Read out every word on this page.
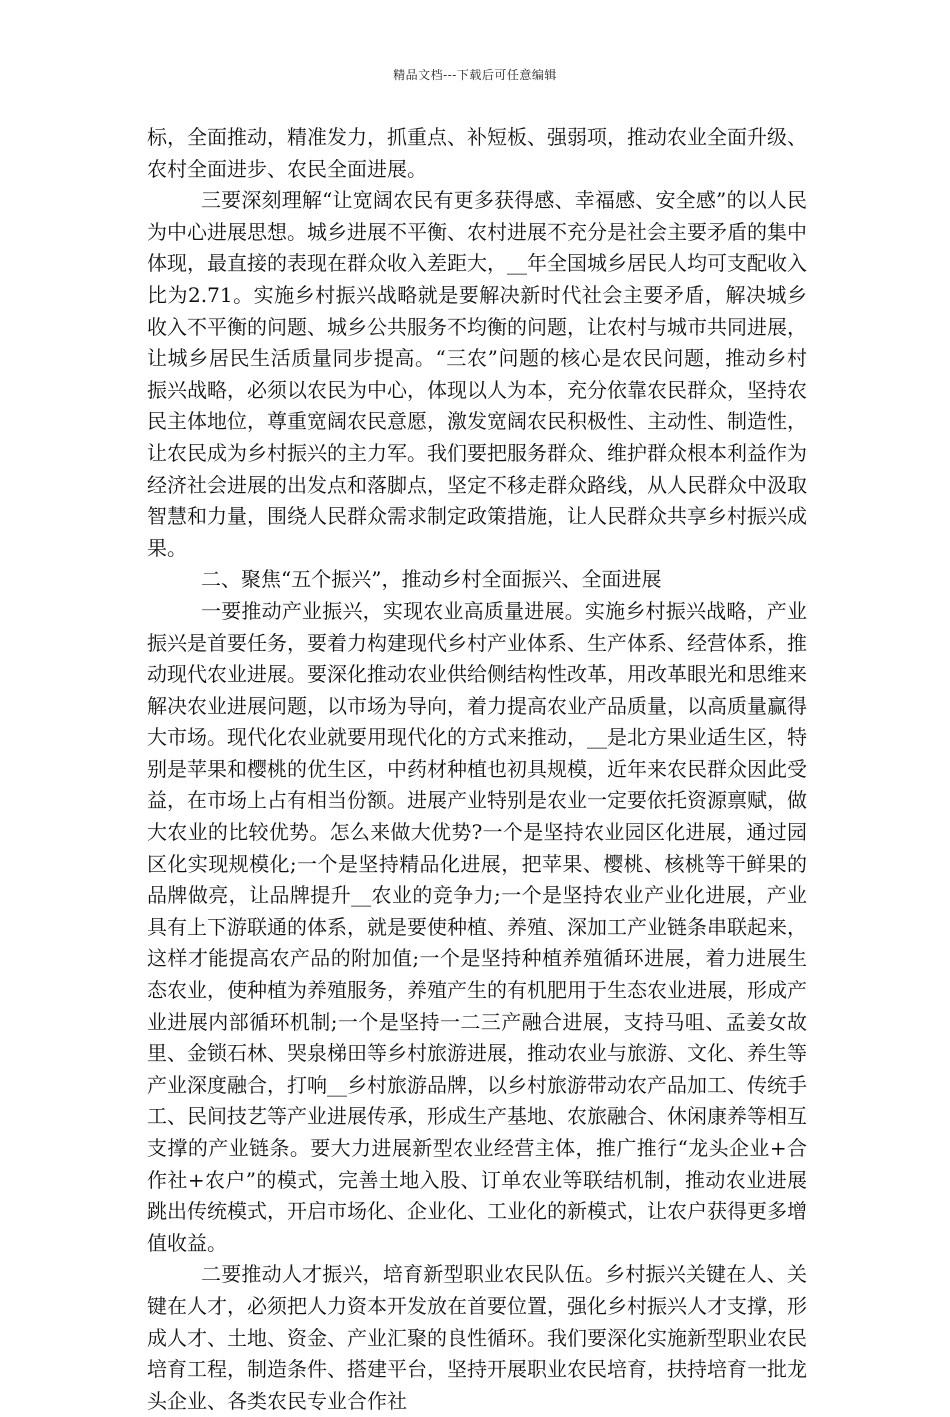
精品文档---下载后可任意编辑

标，全面推动，精准发力，抓重点、补短板、强弱项，推动农业全面升级、农村全面进步、农民全面进展。

三要深刻理解“让宽阔农民有更多获得感、幸福感、安全感”的以人民为中心进展思想。城乡进展不平衡、农村进展不充分是社会主要矛盾的集中体现，最直接的表现在群众收入差距大，__年全国城乡居民人均可支配收入比为2.71。实施乡村振兴战略就是要解决新时代社会主要矛盾，解决城乡收入不平衡的问题、城乡公共服务不均衡的问题，让农村与城市共同进展，让城乡居民生活质量同步提高。“三农”问题的核心是农民问题，推动乡村振兴战略，必须以农民为中心，体现以人为本，充分依靠农民群众，坚持农民主体地位，尊重宽阔农民意愿，激发宽阔农民积极性、主动性、制造性，让农民成为乡村振兴的主力军。我们要把服务群众、维护群众根本利益作为经济社会进展的出发点和落脚点，坚定不移走群众路线，从人民群众中汲取智慧和力量，围绕人民群众需求制定政策措施，让人民群众共享乡村振兴成果。

二、聚焦“五个振兴”，推动乡村全面振兴、全面进展

一要推动产业振兴，实现农业高质量进展。实施乡村振兴战略，产业振兴是首要任务，要着力构建现代乡村产业体系、生产体系、经营体系，推动现代农业进展。要深化推动农业供给侧结构性改革，用改革眼光和思维来解决农业进展问题，以市场为导向，着力提高农业产品质量，以高质量赢得大市场。现代化农业就要用现代化的方式来推动，__是北方果业适生区，特别是苹果和樱桃的优生区，中药材种植也初具规模，近年来农民群众因此受益，在市场上占有相当份额。进展产业特别是农业一定要依托资源禀赋，做大农业的比较优势。怎么来做大优势?一个是坚持农业园区化进展，通过园区化实现规模化;一个是坚持精品化进展，把苹果、樱桃、核桃等干鲜果的品牌做亮，让品牌提升__农业的竞争力;一个是坚持农业产业化进展，产业具有上下游联通的体系，就是要使种植、养殖、深加工产业链条串联起来，这样才能提高农产品的附加值;一个是坚持种植养殖循环进展，着力进展生态农业，使种植为养殖服务，养殖产生的有机肥用于生态农业进展，形成产业进展内部循环机制;一个是坚持一二三产融合进展，支持马咀、孟姜女故里、金锁石林、哭泉梯田等乡村旅游进展，推动农业与旅游、文化、养生等产业深度融合，打响__乡村旅游品牌，以乡村旅游带动农产品加工、传统手工、民间技艺等产业进展传承，形成生产基地、农旅融合、休闲康养等相互支撑的产业链条。要大力进展新型农业经营主体，推广推行“龙头企业+合作社+农户”的模式，完善土地入股、订单农业等联结机制，推动农业进展跳出传统模式，开启市场化、企业化、工业化的新模式，让农户获得更多增值收益。

二要推动人才振兴，培育新型职业农民队伍。乡村振兴关键在人、关键在人才，必须把人力资本开发放在首要位置，强化乡村振兴人才支撑，形成人才、土地、资金、产业汇聚的良性循环。我们要深化实施新型职业农民培育工程，制造条件、搭建平台，坚持开展职业农民培育，扶持培育一批龙头企业、各类农民专业合作社
